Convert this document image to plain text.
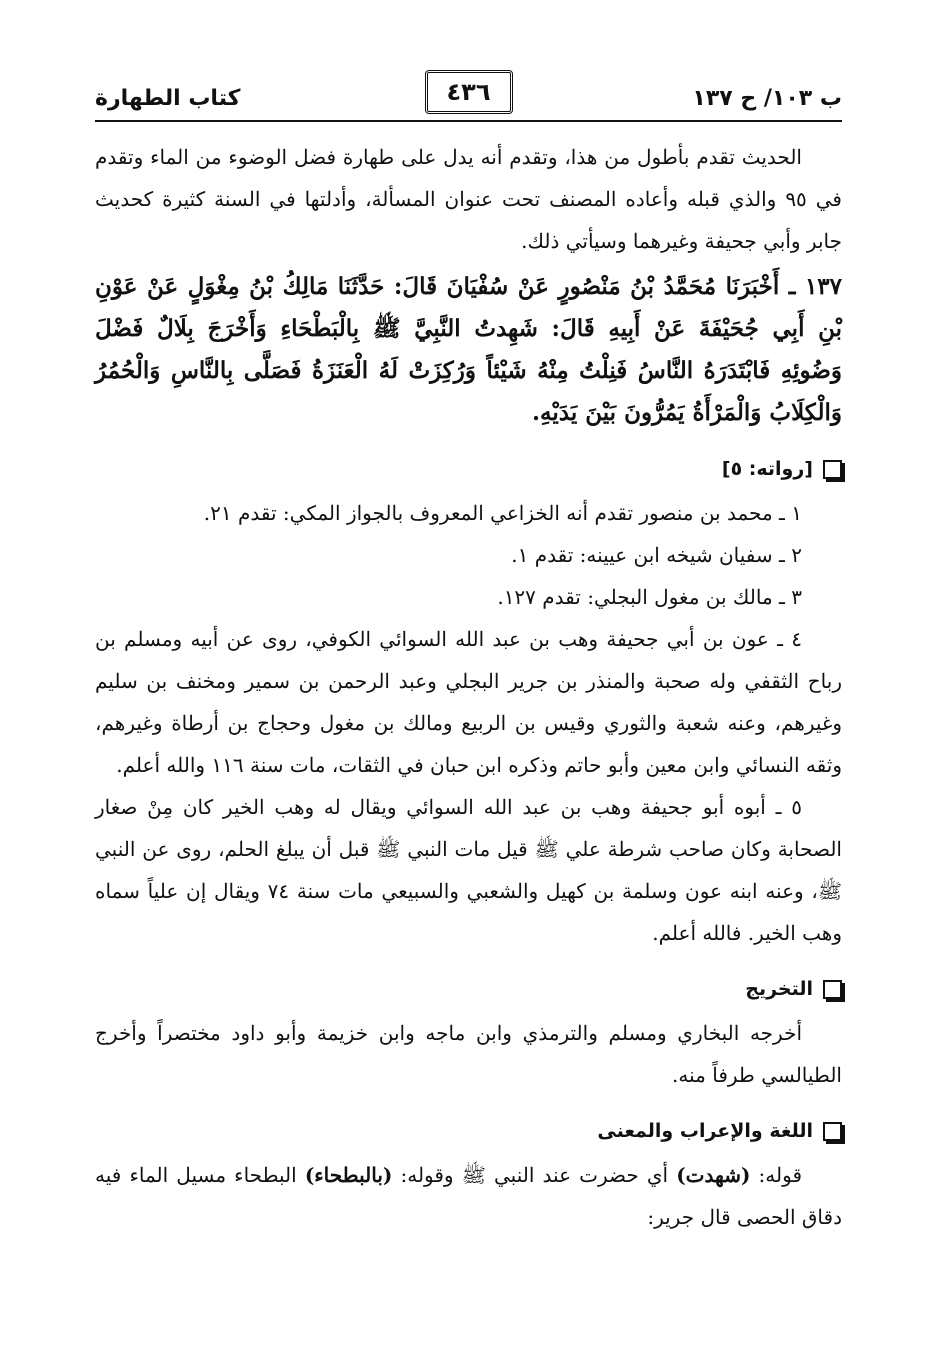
ب ١٠٣/ ح ١٣٧
٤٣٦
كتاب الطهارة

الحديث تقدم بأطول من هذا، وتقدم أنه يدل على طهارة فضل الوضوء من الماء وتقدم في ٩٥ والذي قبله وأعاده المصنف تحت عنوان المسألة، وأدلتها في السنة كثيرة كحديث جابر وأبي جحيفة وغيرهما وسيأتي ذلك.

١٣٧ ـ أَخْبَرَنَا مُحَمَّدُ بْنُ مَنْصُورٍ عَنْ سُفْيَانَ قَالَ: حَدَّثَنَا مَالِكُ بْنُ مِغْوَلٍ عَنْ عَوْنِ بْنِ أَبِي جُحَيْفَةَ عَنْ أَبِيهِ قَالَ: شَهِدتُ النَّبِيَّ ﷺ بِالْبَطْحَاءِ وَأَخْرَجَ بِلَالٌ فَضْلَ وَضُوئِهِ فَابْتَدَرَهُ النَّاسُ فَنِلْتُ مِنْهُ شَيْئاً وَرُكِزَتْ لَهُ الْعَنَزَةُ فَصَلَّى بِالنَّاسِ وَالْحُمُرُ وَالْكِلَابُ وَالْمَرْأَةُ يَمُرُّونَ بَيْنَ يَدَيْهِ.

[رواته: ٥]

١ ـ محمد بن منصور تقدم أنه الخزاعي المعروف بالجواز المكي: تقدم ٢١.

٢ ـ سفيان شيخه ابن عيينه: تقدم ١.

٣ ـ مالك بن مغول البجلي: تقدم ١٢٧.

٤ ـ عون بن أبي جحيفة وهب بن عبد الله السوائي الكوفي، روى عن أبيه ومسلم بن رباح الثقفي وله صحبة والمنذر بن جرير البجلي وعبد الرحمن بن سمير ومخنف بن سليم وغيرهم، وعنه شعبة والثوري وقيس بن الربيع ومالك بن مغول وحجاج بن أرطاة وغيرهم، وثقه النسائي وابن معين وأبو حاتم وذكره ابن حبان في الثقات، مات سنة ١١٦ والله أعلم.

٥ ـ أبوه أبو جحيفة وهب بن عبد الله السوائي ويقال له وهب الخير كان مِنْ صغار الصحابة وكان صاحب شرطة علي ﷺ قيل مات النبي ﷺ قبل أن يبلغ الحلم، روى عن النبي ﷺ، وعنه ابنه عون وسلمة بن كهيل والشعبي والسبيعي مات سنة ٧٤ ويقال إن علياً سماه وهب الخير. فالله أعلم.

التخريج

أخرجه البخاري ومسلم والترمذي وابن ماجه وابن خزيمة وأبو داود مختصراً وأخرج الطيالسي طرفاً منه.

اللغة والإعراب والمعنى

قوله: (شهدت) أي حضرت عند النبي ﷺ وقوله: (بالبطحاء) البطحاء مسيل الماء فيه دقاق الحصى قال جرير:
